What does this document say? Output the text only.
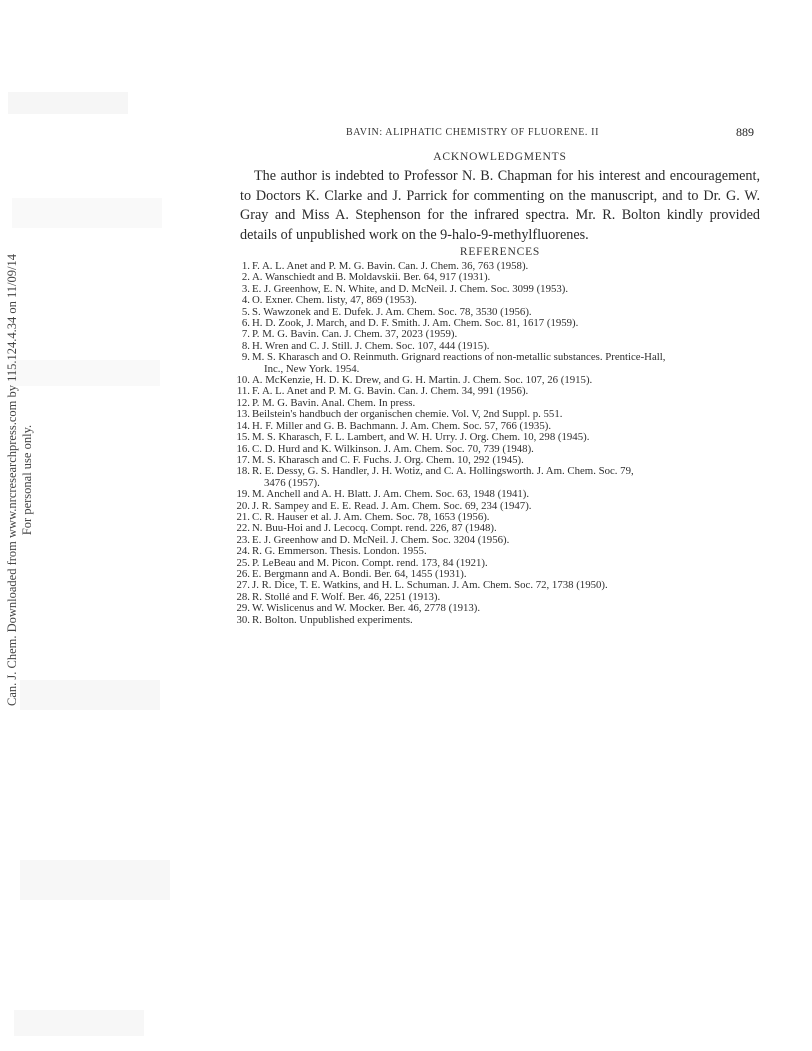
Can. J. Chem. Downloaded from www.nrcresearchpress.com by 115.124.4.34 on 11/09/14 For personal use only.
BAVIN: ALIPHATIC CHEMISTRY OF FLUORENE. II	889
ACKNOWLEDGMENTS
The author is indebted to Professor N. B. Chapman for his interest and encouragement, to Doctors K. Clarke and J. Parrick for commenting on the manuscript, and to Dr. G. W. Gray and Miss A. Stephenson for the infrared spectra. Mr. R. Bolton kindly provided details of unpublished work on the 9-halo-9-methylfluorenes.
REFERENCES
1. F. A. L. Anet and P. M. G. Bavin. Can. J. Chem. 36, 763 (1958).
2. A. Wanschiedt and B. Moldavskii. Ber. 64, 917 (1931).
3. E. J. Greenhow, E. N. White, and D. McNeil. J. Chem. Soc. 3099 (1953).
4. O. Exner. Chem. listy, 47, 869 (1953).
5. S. Wawzonek and E. Dufek. J. Am. Chem. Soc. 78, 3530 (1956).
6. H. D. Zook, J. March, and D. F. Smith. J. Am. Chem. Soc. 81, 1617 (1959).
7. P. M. G. Bavin. Can. J. Chem. 37, 2023 (1959).
8. H. Wren and C. J. Still. J. Chem. Soc. 107, 444 (1915).
9. M. S. Kharasch and O. Reinmuth. Grignard reactions of non-metallic substances. Prentice-Hall,
Inc., New York. 1954.
10. A. McKenzie, H. D. K. Drew, and G. H. Martin. J. Chem. Soc. 107, 26 (1915).
11. F. A. L. Anet and P. M. G. Bavin. Can. J. Chem. 34, 991 (1956).
12. P. M. G. Bavin. Anal. Chem. In press.
13. Beilstein's handbuch der organischen chemie. Vol. V, 2nd Suppl. p. 551.
14. H. F. Miller and G. B. Bachmann. J. Am. Chem. Soc. 57, 766 (1935).
15. M. S. Kharasch, F. L. Lambert, and W. H. Urry. J. Org. Chem. 10, 298 (1945).
16. C. D. Hurd and K. Wilkinson. J. Am. Chem. Soc. 70, 739 (1948).
17. M. S. Kharasch and C. F. Fuchs. J. Org. Chem. 10, 292 (1945).
18. R. E. Dessy, G. S. Handler, J. H. Wotiz, and C. A. Hollingsworth. J. Am. Chem. Soc. 79,
3476 (1957).
19. M. Anchell and A. H. Blatt. J. Am. Chem. Soc. 63, 1948 (1941).
20. J. R. Sampey and E. E. Read. J. Am. Chem. Soc. 69, 234 (1947).
21. C. R. Hauser et al. J. Am. Chem. Soc. 78, 1653 (1956).
22. N. Buu-Hoi and J. Lecocq. Compt. rend. 226, 87 (1948).
23. E. J. Greenhow and D. McNeil. J. Chem. Soc. 3204 (1956).
24. R. G. Emmerson. Thesis. London. 1955.
25. P. LeBeau and M. Picon. Compt. rend. 173, 84 (1921).
26. E. Bergmann and A. Bondi. Ber. 64, 1455 (1931).
27. J. R. Dice, T. E. Watkins, and H. L. Schuman. J. Am. Chem. Soc. 72, 1738 (1950).
28. R. Stollé and F. Wolf. Ber. 46, 2251 (1913).
29. W. Wislicenus and W. Mocker. Ber. 46, 2778 (1913).
30. R. Bolton. Unpublished experiments.
